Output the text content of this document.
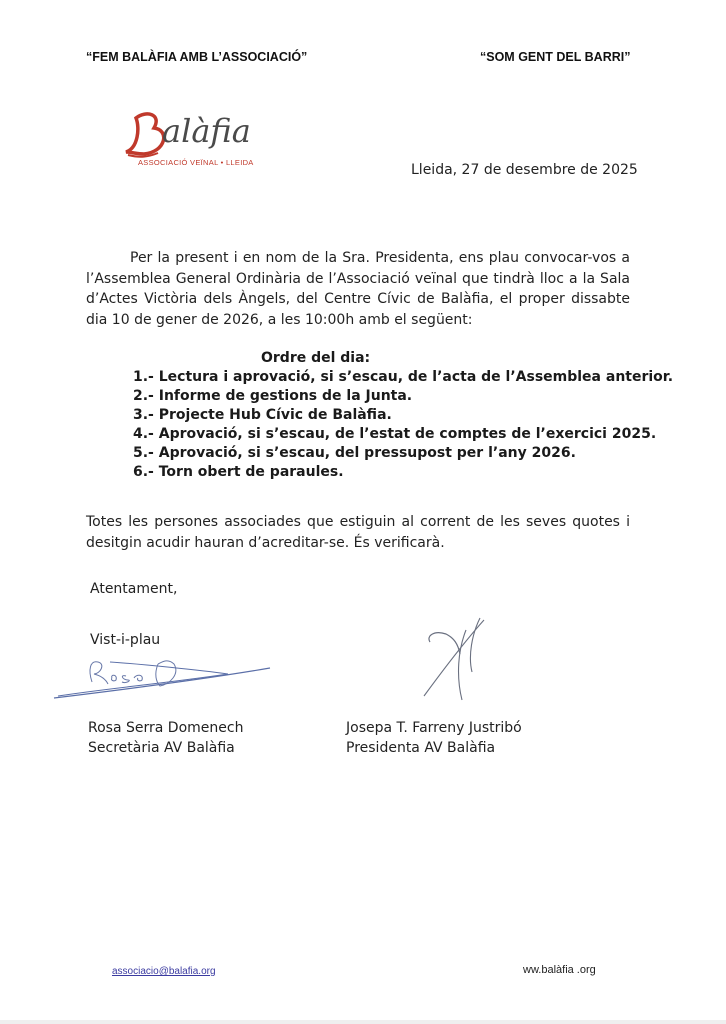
“FEM BALÀFIA AMB L’ASSOCIACIÓ”	“SOM GENT DEL BARRI”
alàfia
ASSOCIACIÓ VEÏNAL • LLEIDA	Lleida, 27 de desembre de 2025
Per la present i en nom de la Sra. Presidenta, ens plau convocar-vos a l’Assemblea General Ordinària de l’Associació veïnal que tindrà lloc a la Sala d’Actes Victòria dels Àngels, del Centre Cívic de Balàfia, el proper dissabte dia 10 de gener de 2026, a les 10:00h amb el següent:
Ordre del dia:
1.- Lectura i aprovació, si s’escau, de l’acta de l’Assemblea anterior.
2.- Informe de gestions de la Junta.
3.- Projecte Hub Cívic de Balàfia.
4.- Aprovació, si s’escau, de l’estat de comptes de l’exercici 2025.
5.- Aprovació, si s’escau, del pressupost per l’any 2026.
6.- Torn obert de paraules.
Totes les persones associades que estiguin al corrent de les seves quotes i desitgin acudir hauran d’acreditar-se. És verificarà.
Atentament,
Vist-i-plau
Rosa Serra Domenech
Secretària AV Balàfia
Josepa T. Farreny Justribó
Presidenta AV Balàfia
associacio@balafia.org	ww.balàfia .org
